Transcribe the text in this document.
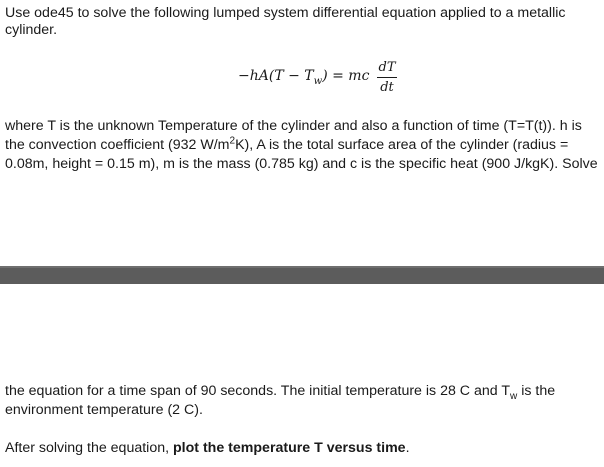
Use ode45 to solve the following lumped system differential equation applied to a metallic
cylinder.
$-hA(T - T_w)$ = mc
dT
dt
where T is the unknown Temperature of the cylinder and also a function of time (T=T(t)). h is
the convection coefficient (932 $W/m^2K$), A is the total surface area of the cylinder (radius =
0.08m, height = 0.15 m), m is the mass (0.785 kg) and c is the specific heat (900 J/kgK). Solve
the equation for a time span of 90 seconds. The initial temperature is 28 C and $T_w$ is the
environment temperature (2 C).
After solving the equation, plot the temperature T versus time.
